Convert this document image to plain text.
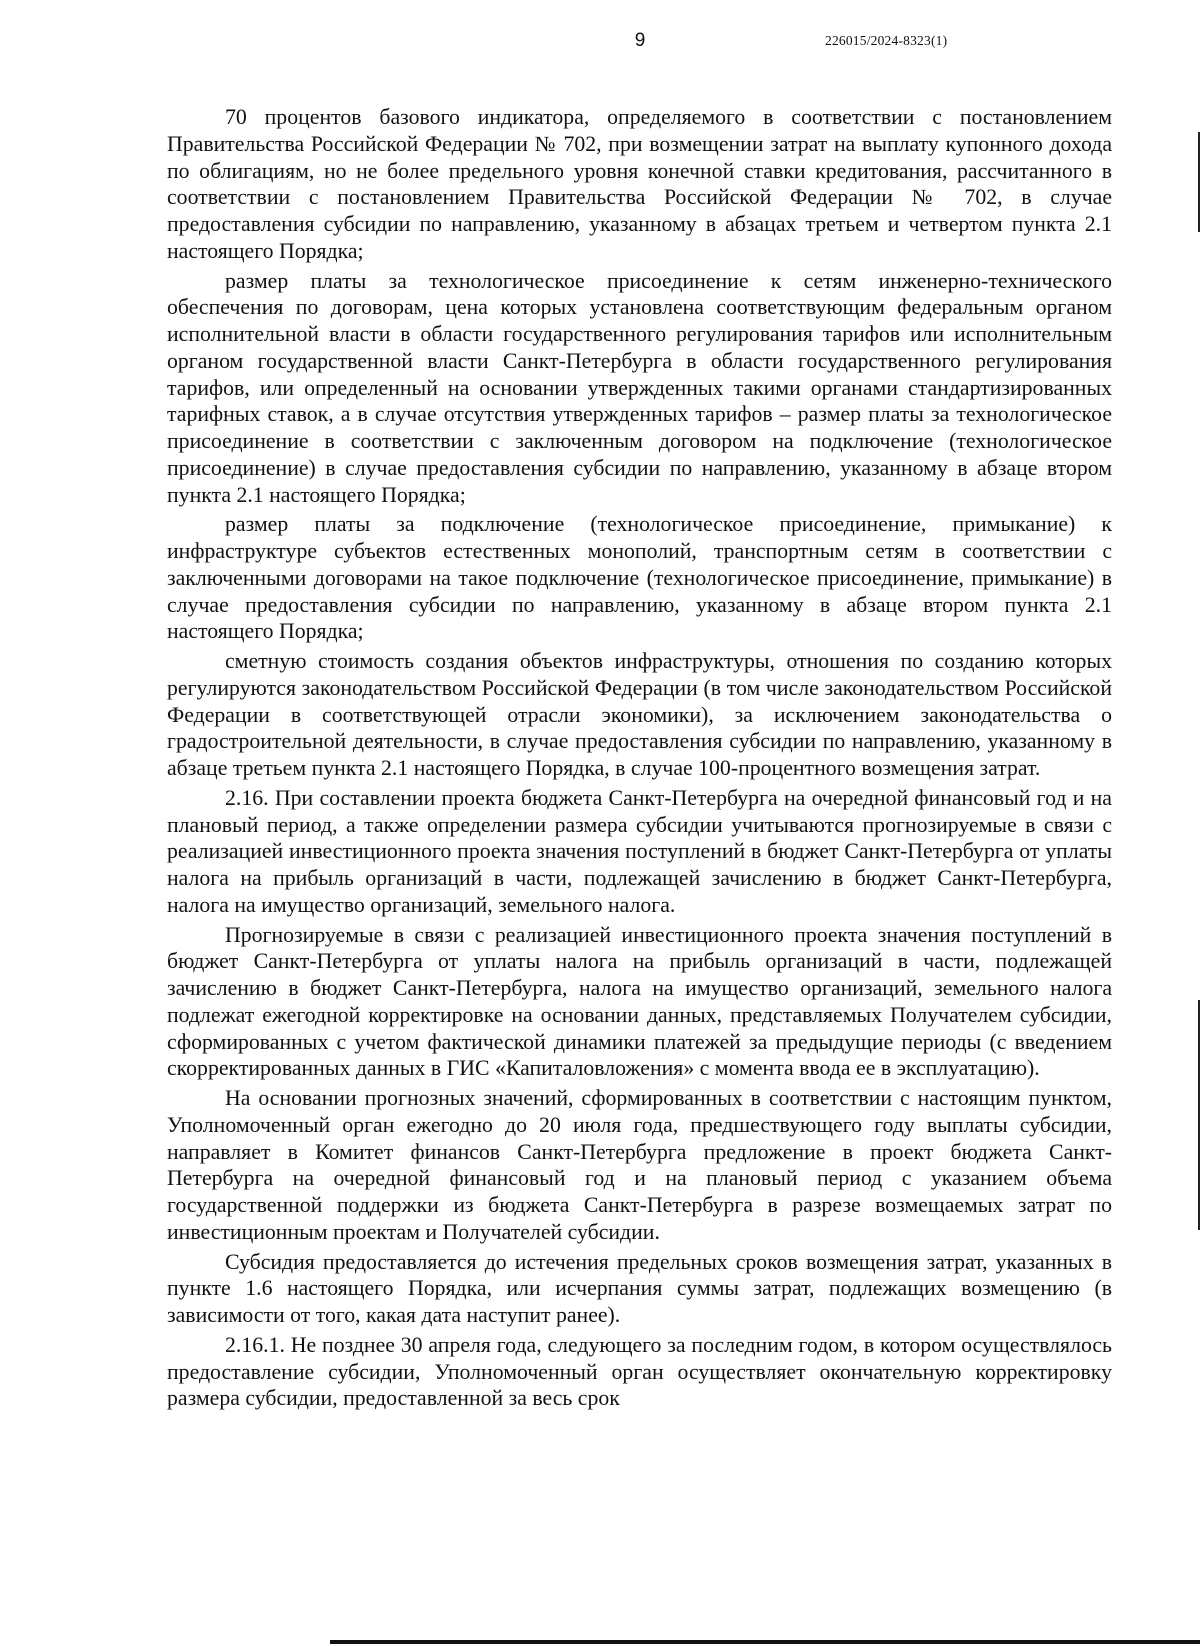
9	226015/2024-8323(1)

70 процентов базового индикатора, определяемого в соответствии с постановлением Правительства Российской Федерации № 702, при возмещении затрат на выплату купонного дохода по облигациям, но не более предельного уровня конечной ставки кредитования, рассчитанного в соответствии с постановлением Правительства Российской Федерации № 702, в случае предоставления субсидии по направлению, указанному в абзацах третьем и четвертом пункта 2.1 настоящего Порядка;

размер платы за технологическое присоединение к сетям инженерно-технического обеспечения по договорам, цена которых установлена соответствующим федеральным органом исполнительной власти в области государственного регулирования тарифов или исполнительным органом государственной власти Санкт-Петербурга в области государственного регулирования тарифов, или определенный на основании утвержденных такими органами стандартизированных тарифных ставок, а в случае отсутствия утвержденных тарифов – размер платы за технологическое присоединение в соответствии с заключенным договором на подключение (технологическое присоединение) в случае предоставления субсидии по направлению, указанному в абзаце втором пункта 2.1 настоящего Порядка;

размер платы за подключение (технологическое присоединение, примыкание) к инфраструктуре субъектов естественных монополий, транспортным сетям в соответствии с заключенными договорами на такое подключение (технологическое присоединение, примыкание) в случае предоставления субсидии по направлению, указанному в абзаце втором пункта 2.1 настоящего Порядка;

сметную стоимость создания объектов инфраструктуры, отношения по созданию которых регулируются законодательством Российской Федерации (в том числе законодательством Российской Федерации в соответствующей отрасли экономики), за исключением законодательства о градостроительной деятельности, в случае предоставления субсидии по направлению, указанному в абзаце третьем пункта 2.1 настоящего Порядка, в случае 100-процентного возмещения затрат.

2.16. При составлении проекта бюджета Санкт-Петербурга на очередной финансовый год и на плановый период, а также определении размера субсидии учитываются прогнозируемые в связи с реализацией инвестиционного проекта значения поступлений в бюджет Санкт-Петербурга от уплаты налога на прибыль организаций в части, подлежащей зачислению в бюджет Санкт-Петербурга, налога на имущество организаций, земельного налога.

Прогнозируемые в связи с реализацией инвестиционного проекта значения поступлений в бюджет Санкт-Петербурга от уплаты налога на прибыль организаций в части, подлежащей зачислению в бюджет Санкт-Петербурга, налога на имущество организаций, земельного налога подлежат ежегодной корректировке на основании данных, представляемых Получателем субсидии, сформированных с учетом фактической динамики платежей за предыдущие периоды (с введением скорректированных данных в ГИС «Капиталовложения» с момента ввода ее в эксплуатацию).

На основании прогнозных значений, сформированных в соответствии с настоящим пунктом, Уполномоченный орган ежегодно до 20 июля года, предшествующего году выплаты субсидии, направляет в Комитет финансов Санкт-Петербурга предложение в проект бюджета Санкт-Петербурга на очередной финансовый год и на плановый период с указанием объема государственной поддержки из бюджета Санкт-Петербурга в разрезе возмещаемых затрат по инвестиционным проектам и Получателей субсидии.

Субсидия предоставляется до истечения предельных сроков возмещения затрат, указанных в пункте 1.6 настоящего Порядка, или исчерпания суммы затрат, подлежащих возмещению (в зависимости от того, какая дата наступит ранее).

2.16.1. Не позднее 30 апреля года, следующего за последним годом, в котором осуществлялось предоставление субсидии, Уполномоченный орган осуществляет окончательную корректировку размера субсидии, предоставленной за весь срок
